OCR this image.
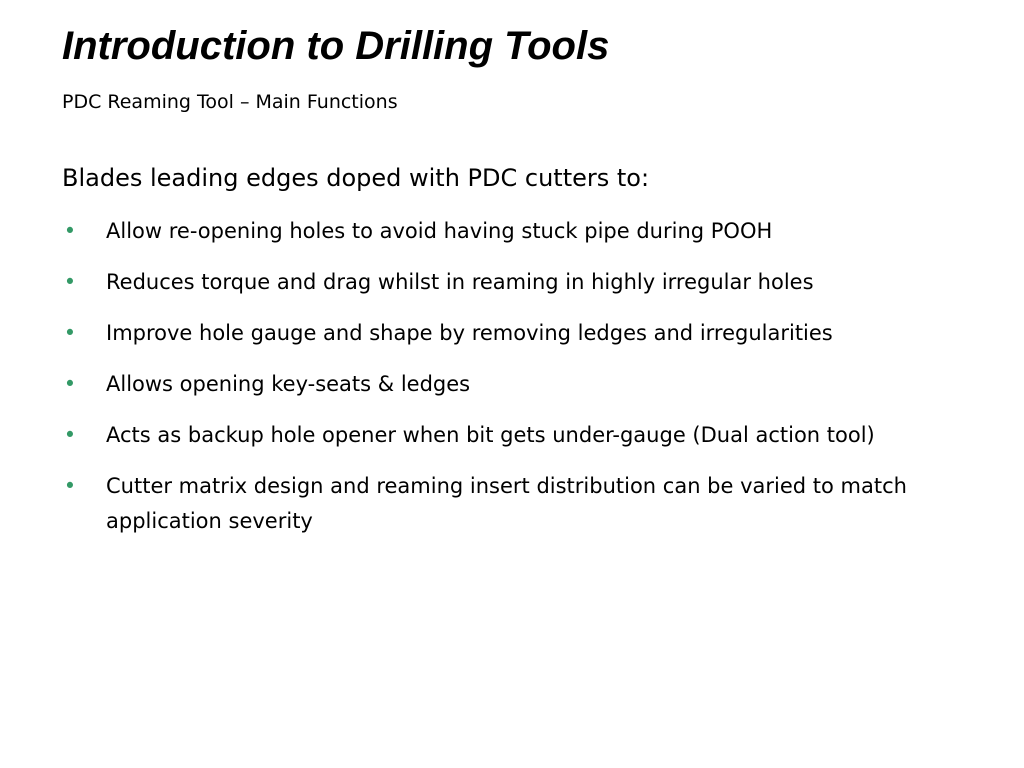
Introduction to Drilling Tools

PDC Reaming Tool – Main Functions

Blades leading edges doped with PDC cutters to:

• Allow re-opening holes to avoid having stuck pipe during POOH
• Reduces torque and drag whilst in reaming in highly irregular holes
• Improve hole gauge and shape by removing ledges and irregularities
• Allows opening key-seats & ledges
• Acts as backup hole opener when bit gets under-gauge (Dual action tool)
• Cutter matrix design and reaming insert distribution can be varied to match application severity
